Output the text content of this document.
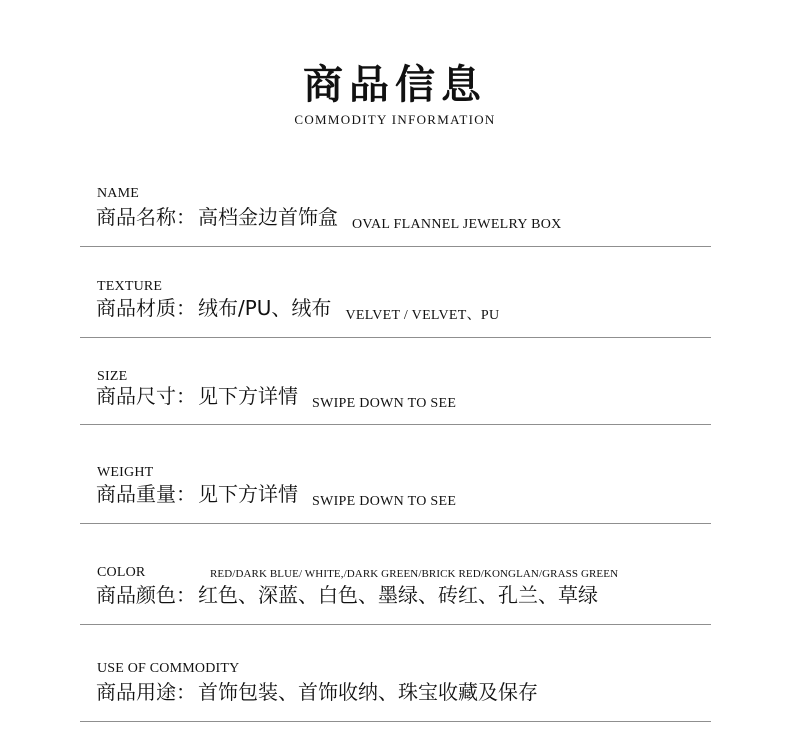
商品信息
COMMODITY INFORMATION
NAME
商品名称： 高档金边首饰盒 OVAL FLANNEL JEWELRY BOX
TEXTURE
商品材质： 绒布/PU、绒布 VELVET / VELVET、PU
SIZE
商品尺寸： 见下方详情 SWIPE DOWN TO SEE
WEIGHT
商品重量： 见下方详情 SWIPE DOWN TO SEE
COLOR	RED/DARK BLUE/ WHITE,/DARK GREEN/BRICK RED/KONGLAN/GRASS GREEN
商品颜色： 红色、深蓝、白色、墨绿、砖红、孔兰、草绿
USE OF COMMODITY
商品用途： 首饰包装、首饰收纳、珠宝收藏及保存
